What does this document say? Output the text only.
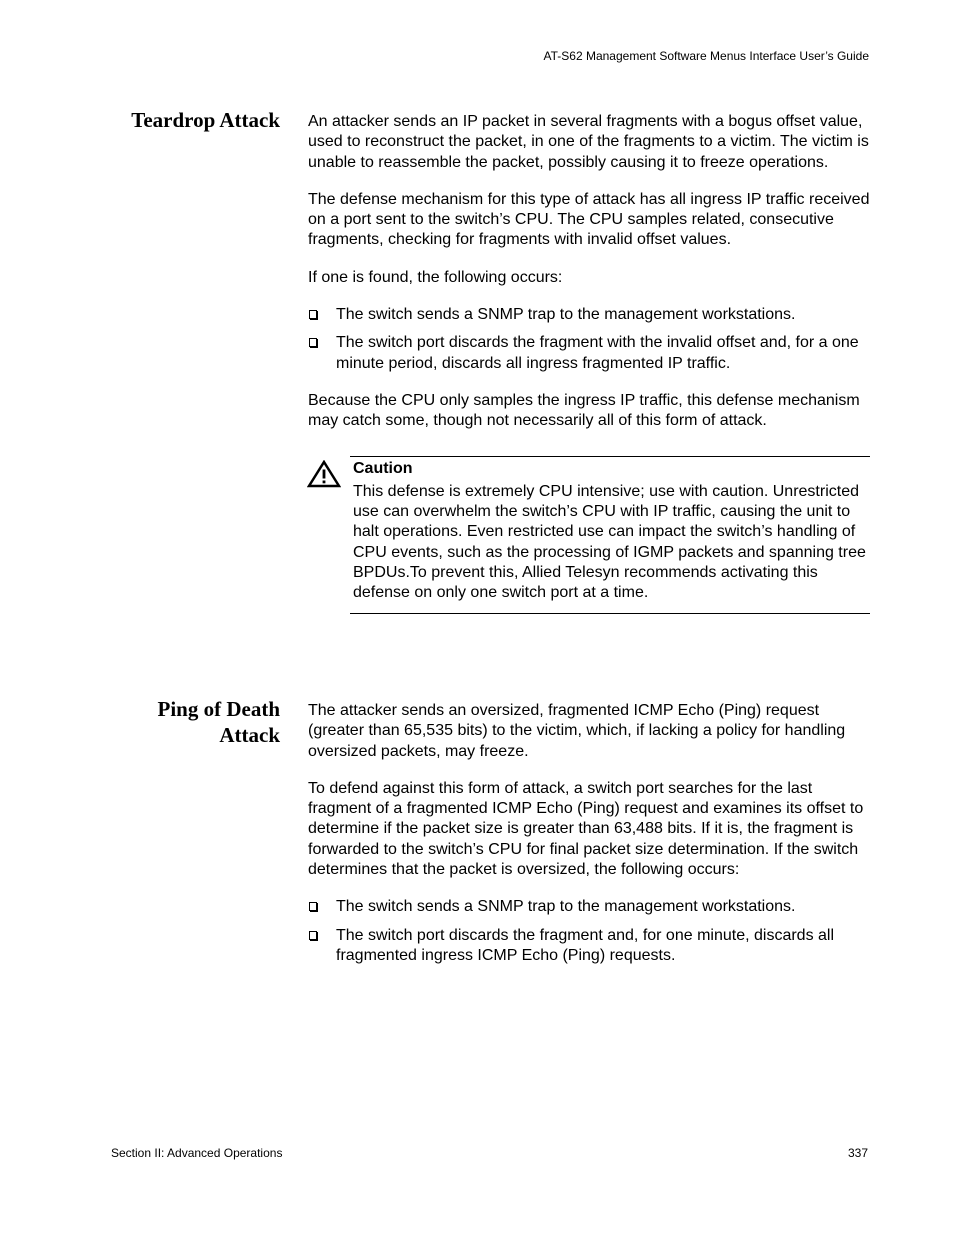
AT-S62 Management Software Menus Interface User’s Guide
Teardrop Attack An attacker sends an IP packet in several fragments with a bogus offset value, used to reconstruct the packet, in one of the fragments to a victim. The victim is unable to reassemble the packet, possibly causing it to freeze operations.

The defense mechanism for this type of attack has all ingress IP traffic received on a port sent to the switch’s CPU. The CPU samples related, consecutive fragments, checking for fragments with invalid offset values.

If one is found, the following occurs:

The switch sends a SNMP trap to the management workstations.
The switch port discards the fragment with the invalid offset and, for a one minute period, discards all ingress fragmented IP traffic.

Because the CPU only samples the ingress IP traffic, this defense mechanism may catch some, though not necessarily all of this form of attack.

Caution
This defense is extremely CPU intensive; use with caution. Unrestricted use can overwhelm the switch’s CPU with IP traffic, causing the unit to halt operations. Even restricted use can impact the switch’s handling of CPU events, such as the processing of IGMP packets and spanning tree BPDUs.To prevent this, Allied Telesyn recommends activating this defense on only one switch port at a time.
Ping of Death
Attack

The attacker sends an oversized, fragmented ICMP Echo (Ping) request (greater than 65,535 bits) to the victim, which, if lacking a policy for handling oversized packets, may freeze.

To defend against this form of attack, a switch port searches for the last fragment of a fragmented ICMP Echo (Ping) request and examines its offset to determine if the packet size is greater than 63,488 bits. If it is, the fragment is forwarded to the switch’s CPU for final packet size determination. If the switch determines that the packet is oversized, the following occurs:

The switch sends a SNMP trap to the management workstations.
The switch port discards the fragment and, for one minute, discards all fragmented ingress ICMP Echo (Ping) requests.
Section II: Advanced Operations	337
